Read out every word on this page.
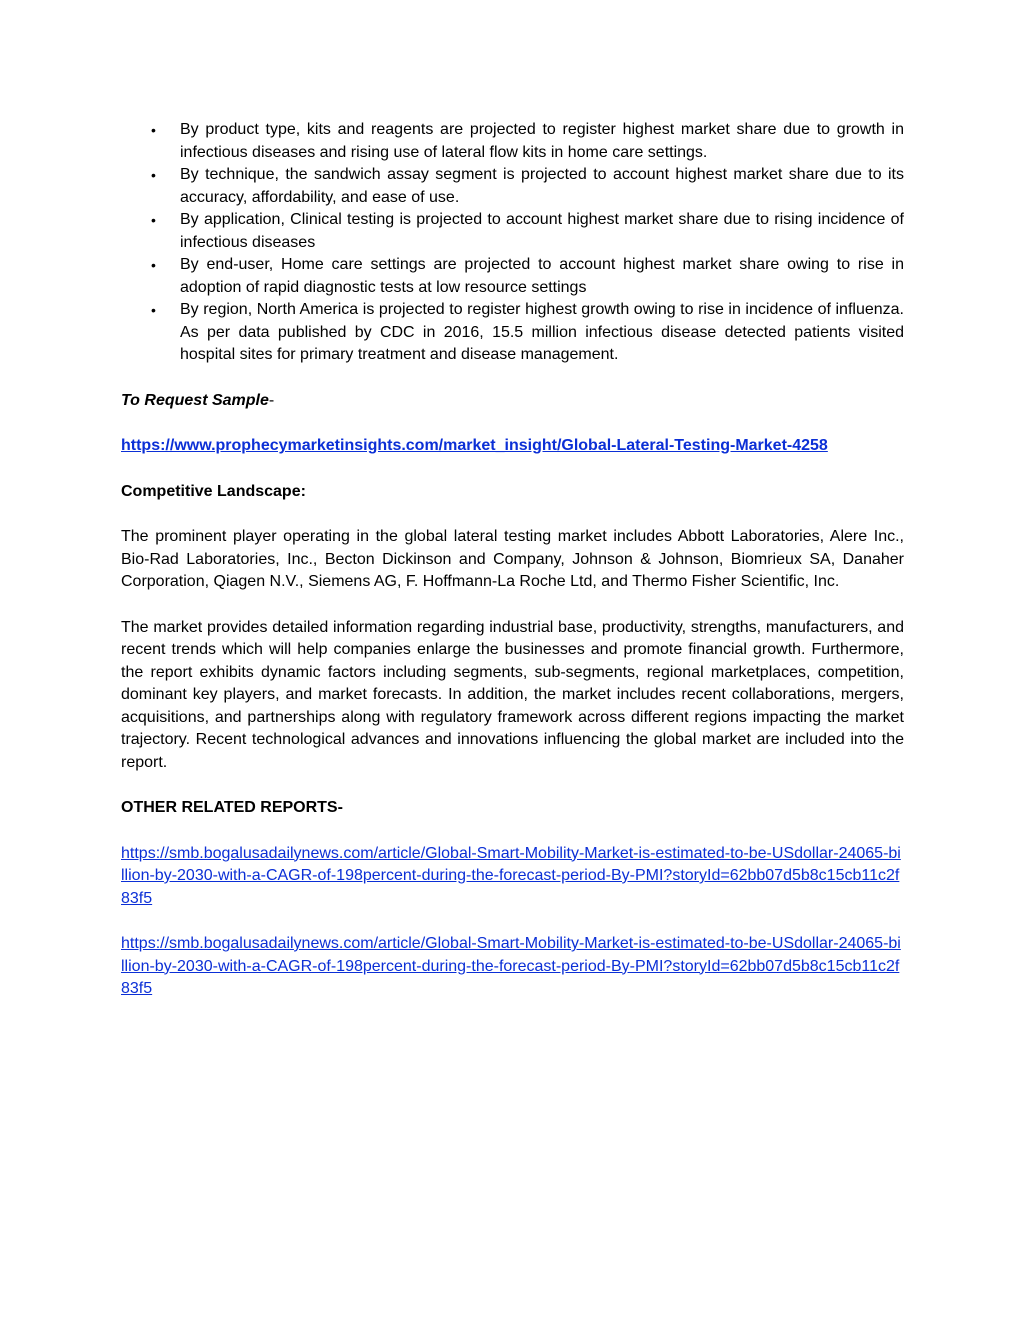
• By product type, kits and reagents are projected to register highest market share due to growth in infectious diseases and rising use of lateral flow kits in home care settings.
• By technique, the sandwich assay segment is projected to account highest market share due to its accuracy, affordability, and ease of use.
• By application, Clinical testing is projected to account highest market share due to rising incidence of infectious diseases
• By end-user, Home care settings are projected to account highest market share owing to rise in adoption of rapid diagnostic tests at low resource settings
• By region, North America is projected to register highest growth owing to rise in incidence of influenza. As per data published by CDC in 2016, 15.5 million infectious disease detected patients visited hospital sites for primary treatment and disease management.

To Request Sample-

https://www.prophecymarketinsights.com/market_insight/Global-Lateral-Testing-Market-4258

Competitive Landscape:

The prominent player operating in the global lateral testing market includes Abbott Laboratories, Alere Inc., Bio-Rad Laboratories, Inc., Becton Dickinson and Company, Johnson & Johnson, Biomrieux SA, Danaher Corporation, Qiagen N.V., Siemens AG, F. Hoffmann-La Roche Ltd, and Thermo Fisher Scientific, Inc.

The market provides detailed information regarding industrial base, productivity, strengths, manufacturers, and recent trends which will help companies enlarge the businesses and promote financial growth. Furthermore, the report exhibits dynamic factors including segments, sub-segments, regional marketplaces, competition, dominant key players, and market forecasts. In addition, the market includes recent collaborations, mergers, acquisitions, and partnerships along with regulatory framework across different regions impacting the market trajectory. Recent technological advances and innovations influencing the global market are included into the report.

OTHER RELATED REPORTS-

https://smb.bogalusadailynews.com/article/Global-Smart-Mobility-Market-is-estimated-to-be-USdollar-24065-billion-by-2030-with-a-CAGR-of-198percent-during-the-forecast-period-By-PMI?storyId=62bb07d5b8c15cb11c2f83f5

https://smb.bogalusadailynews.com/article/Global-Smart-Mobility-Market-is-estimated-to-be-USdollar-24065-billion-by-2030-with-a-CAGR-of-198percent-during-the-forecast-period-By-PMI?storyId=62bb07d5b8c15cb11c2f83f5
